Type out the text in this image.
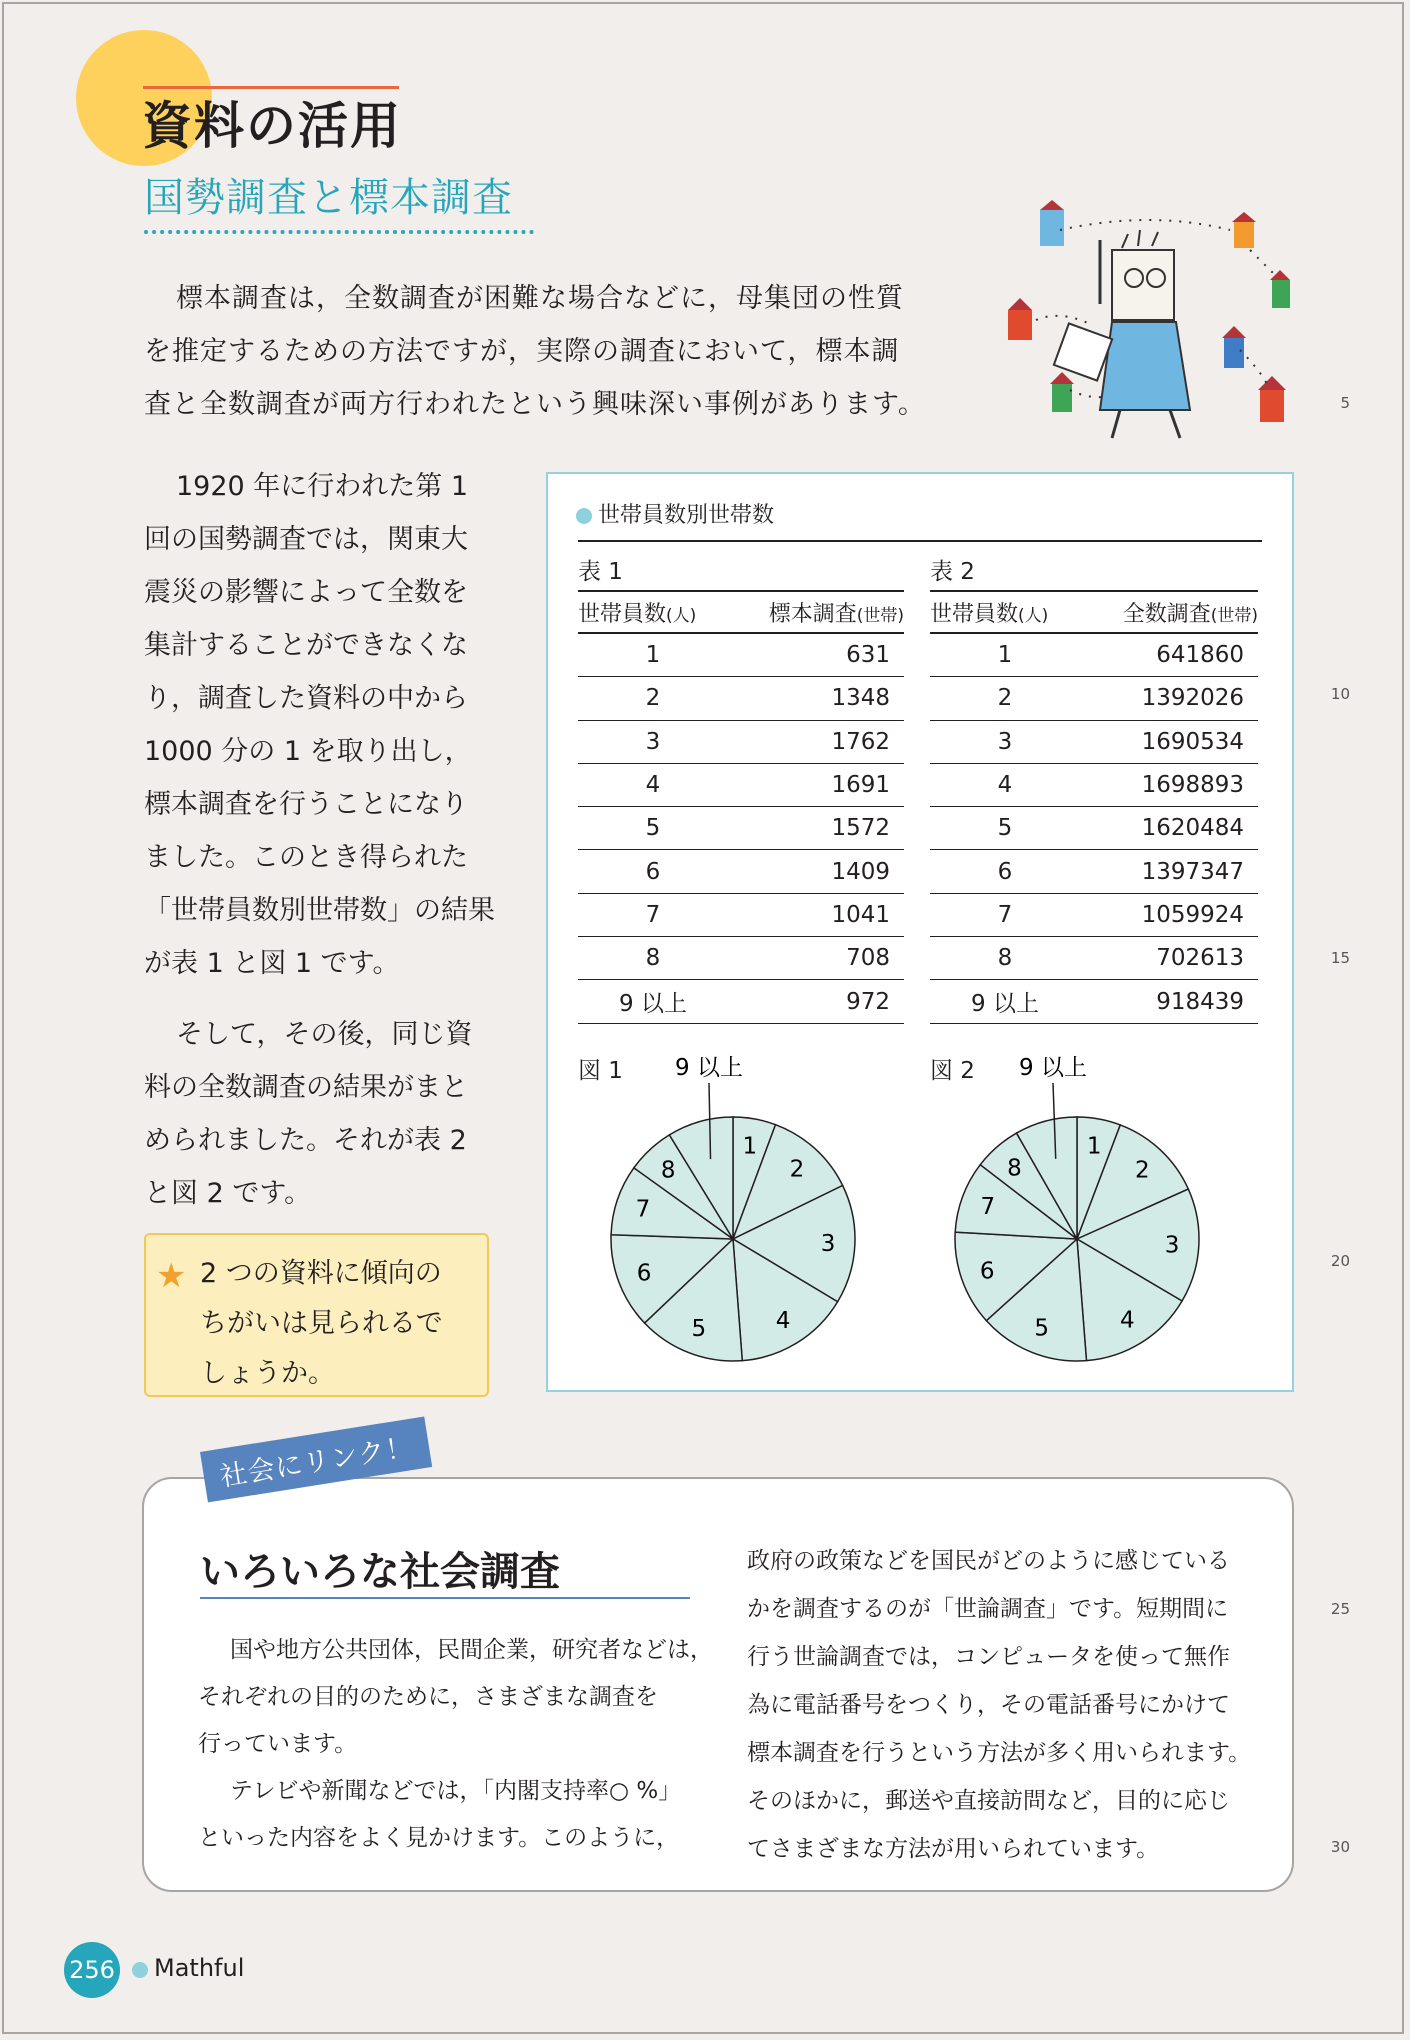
資料の活用
国勢調査と標本調査

標本調査は，全数調査が困難な場合などに，母集団の性質

を推定するための方法ですが，実際の調査において，標本調

査と全数調査が両方行われたという興味深い事例があります。	5
10
15
20
25
30

1920 年に行われた第 1

回の国勢調査では，関東大

震災の影響によって全数を

集計することができなくな

り，調査した資料の中から

1000 分の 1 を取り出し，

標本調査を行うことになり

ました。このとき得られた

「世帯員数別世帯数」の結果

が表 1 と図 1 です。

そして，その後，同じ資

料の全数調査の結果がまと

められました。それが表 2

と図 2 です。

★ 2 つの資料に傾向の

ちがいは見られるで

しょうか。

世帯員数別世帯数
表 1
世帯員数(人)	標本調査(世帯)
1	631
2	1348
3	1762
4	1691
5	1572
6	1409
7	1041
8	708
9 以上	972
表 2
世帯員数(人)	全数調査(世帯)
1	641860
2	1392026
3	1690534
4	1698893
5	1620484
6	1397347
7	1059924
8	702613
9 以上	918439
図 1	図 2
1
2
3
4
5
6
7
8
9 以上
1
2
3
4
5
6
7
8
9 以上
社会にリンク！
いろいろな社会調査

国や地方公共団体，民間企業，研究者などは，

それぞれの目的のために，さまざまな調査を

行っています。

テレビや新聞などでは，「内閣支持率○ %」

といった内容をよく見かけます。このように，

政府の政策などを国民がどのように感じている

かを調査するのが「世論調査」です。短期間に

行う世論調査では，コンピュータを使って無作

為に電話番号をつくり，その電話番号にかけて

標本調査を行うという方法が多く用いられます。

そのほかに，郵送や直接訪問など，目的に応じ

てさまざまな方法が用いられています。

256 Mathful
